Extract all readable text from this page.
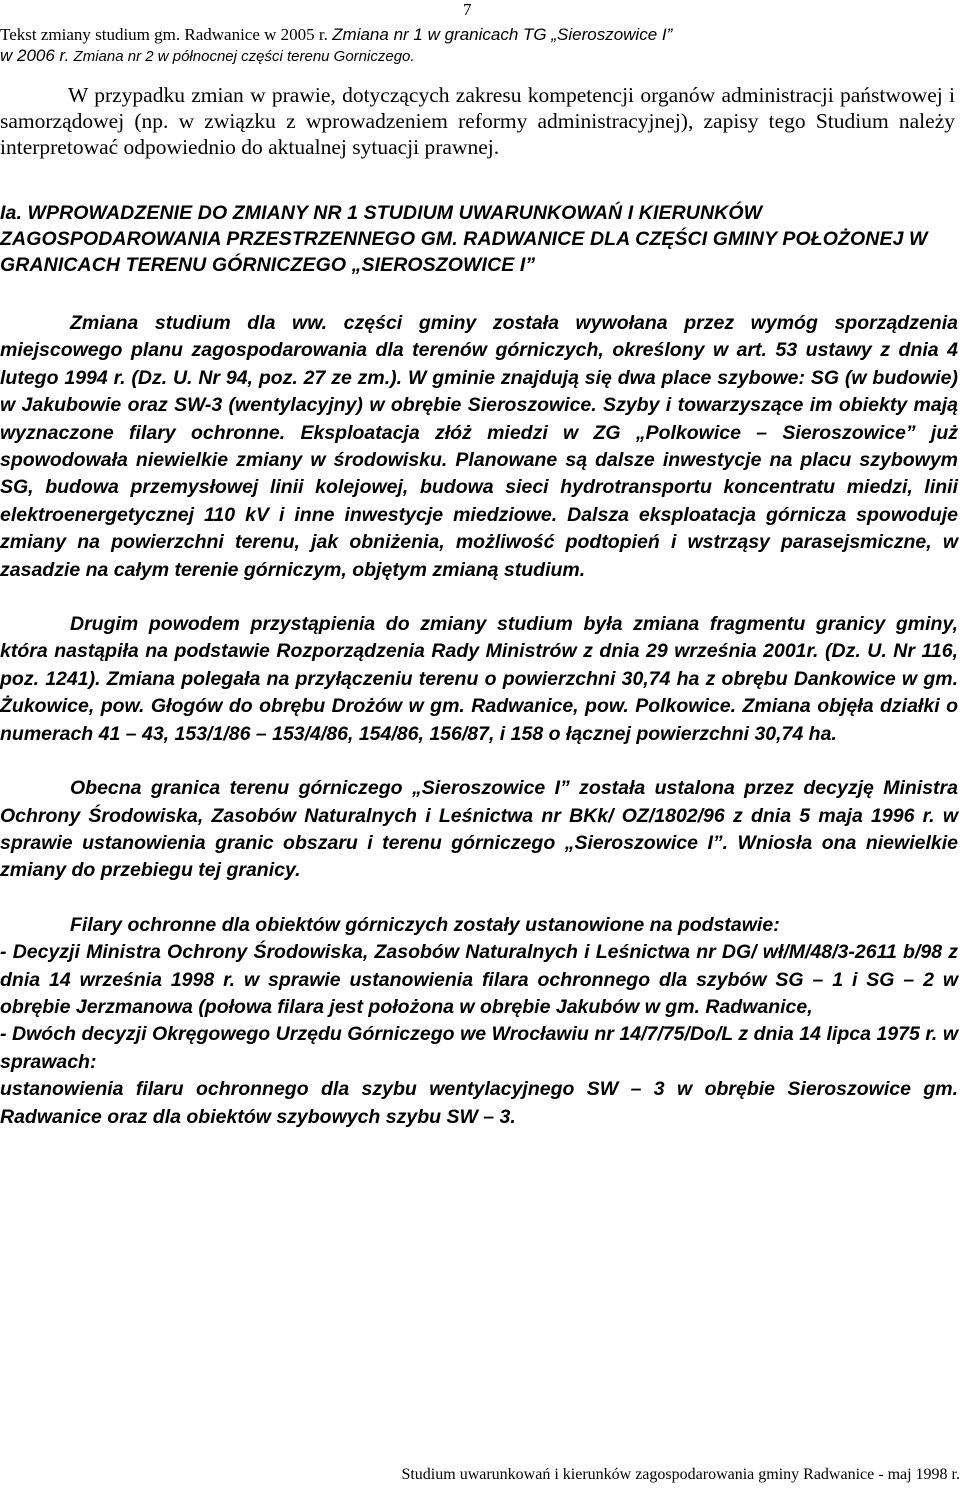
7
Tekst zmiany studium gm. Radwanice w 2005 r. Zmiana nr 1 w granicach TG „Sieroszowice I”
w 2006 r. Zmiana nr 2 w północnej części terenu Gorniczego.

W przypadku zmian w prawie, dotyczących zakresu kompetencji organów administracji państwowej i samorządowej (np. w związku z wprowadzeniem reformy administracyjnej), zapisy tego Studium należy interpretować odpowiednio do aktualnej sytuacji prawnej.

Ia. WPROWADZENIE DO ZMIANY NR 1 STUDIUM UWARUNKOWAŃ I KIERUNKÓW ZAGOSPODAROWANIA PRZESTRZENNEGO GM. RADWANICE DLA CZĘŚCI GMINY POŁOŻONEJ W GRANICACH TERENU GÓRNICZEGO „SIEROSZOWICE I”

Zmiana studium dla ww. części gminy została wywołana przez wymóg sporządzenia miejscowego planu zagospodarowania dla terenów górniczych, określony w art. 53 ustawy z dnia 4 lutego 1994 r. (Dz. U. Nr 94, poz. 27 ze zm.). W gminie znajdują się dwa place szybowe: SG (w budowie) w Jakubowie oraz SW-3 (wentylacyjny) w obrębie Sieroszowice. Szyby i towarzyszące im obiekty mają wyznaczone filary ochronne. Eksploatacja złóż miedzi w ZG „Polkowice – Sieroszowice” już spowodowała niewielkie zmiany w środowisku. Planowane są dalsze inwestycje na placu szybowym SG, budowa przemysłowej linii kolejowej, budowa sieci hydrotransportu koncentratu miedzi, linii elektroenergetycznej 110 kV i inne inwestycje miedziowe. Dalsza eksploatacja górnicza spowoduje zmiany na powierzchni terenu, jak obniżenia, możliwość podtopień i wstrząsy parasejsmiczne, w zasadzie na całym terenie górniczym, objętym zmianą studium.

Drugim powodem przystąpienia do zmiany studium była zmiana fragmentu granicy gminy, która nastąpiła na podstawie Rozporządzenia Rady Ministrów z dnia 29 września 2001r. (Dz. U. Nr 116, poz. 1241). Zmiana polegała na przyłączeniu terenu o powierzchni 30,74 ha z obrębu Dankowice w gm. Żukowice, pow. Głogów do obrębu Drożów w gm. Radwanice, pow. Polkowice. Zmiana objęła działki o numerach 41 – 43, 153/1/86 – 153/4/86, 154/86, 156/87, i 158 o łącznej powierzchni 30,74 ha.

Obecna granica terenu górniczego „Sieroszowice I” została ustalona przez decyzję Ministra Ochrony Środowiska, Zasobów Naturalnych i Leśnictwa nr BKk/ OZ/1802/96 z dnia 5 maja 1996 r. w sprawie ustanowienia granic obszaru i terenu górniczego „Sieroszowice I”. Wniosła ona niewielkie zmiany do przebiegu tej granicy.

Filary ochronne dla obiektów górniczych zostały ustanowione na podstawie:

- Decyzji Ministra Ochrony Środowiska, Zasobów Naturalnych i Leśnictwa nr DG/ wł/M/48/3-2611 b/98 z dnia 14 września 1998 r. w sprawie ustanowienia filara ochronnego dla szybów SG – 1 i SG – 2 w obrębie Jerzmanowa (połowa filara jest położona w obrębie Jakubów w gm. Radwanice,

- Dwóch decyzji Okręgowego Urzędu Górniczego we Wrocławiu nr 14/7/75/Do/L z dnia 14 lipca 1975 r. w sprawach:

ustanowienia filaru ochronnego dla szybu wentylacyjnego SW – 3 w obrębie Sieroszowice gm. Radwanice oraz dla obiektów szybowych szybu SW – 3.

Studium uwarunkowań i kierunków zagospodarowania gminy Radwanice - maj 1998 r.
